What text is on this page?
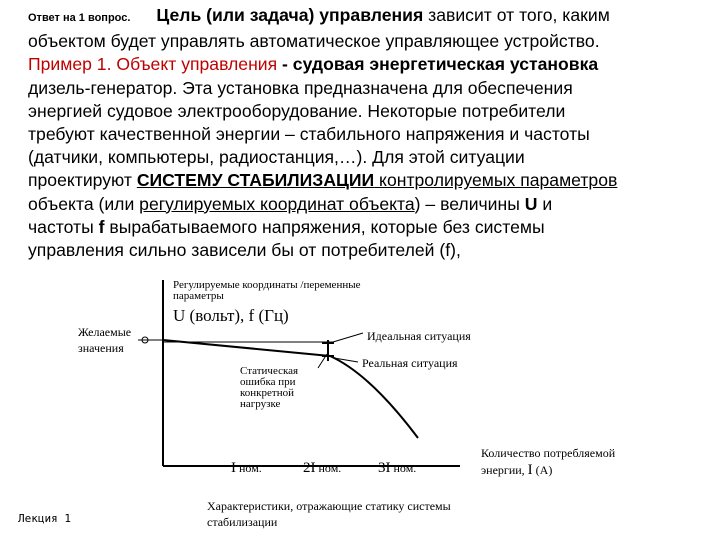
Ответ на 1 вопрос. Цель (или задача) управления зависит от того, каким
объектом будет управлять автоматическое управляющее устройство.
Пример 1. Объект управления - судовая энергетическая установка
дизель-генератор. Эта установка предназначена для обеспечения
энергией судовое электрооборудование. Некоторые потребители
требуют качественной энергии – стабильного напряжения и частоты
(датчики, компьютеры, радиостанция,…). Для этой ситуации
проектируют СИСТЕМУ СТАБИЛИЗАЦИИ контролируемых параметров
объекта (или регулируемых координат объекта) – величины U и
частоты f вырабатываемого напряжения, которые без системы
управления сильно зависели бы от потребителей (f),
Регулируемые координаты /переменные
параметры
U (вольт), f (Гц)
Желаемые
значения
Идеальная ситуация
Реальная ситуация
Статическая
ошибка при
конкретной
нагрузке
I ном.	2I ном. 3I ном.
Количество потребляемой
энергии, I (A)
Характеристики, отражающие статику системы
стабилизации
Лекция 1
